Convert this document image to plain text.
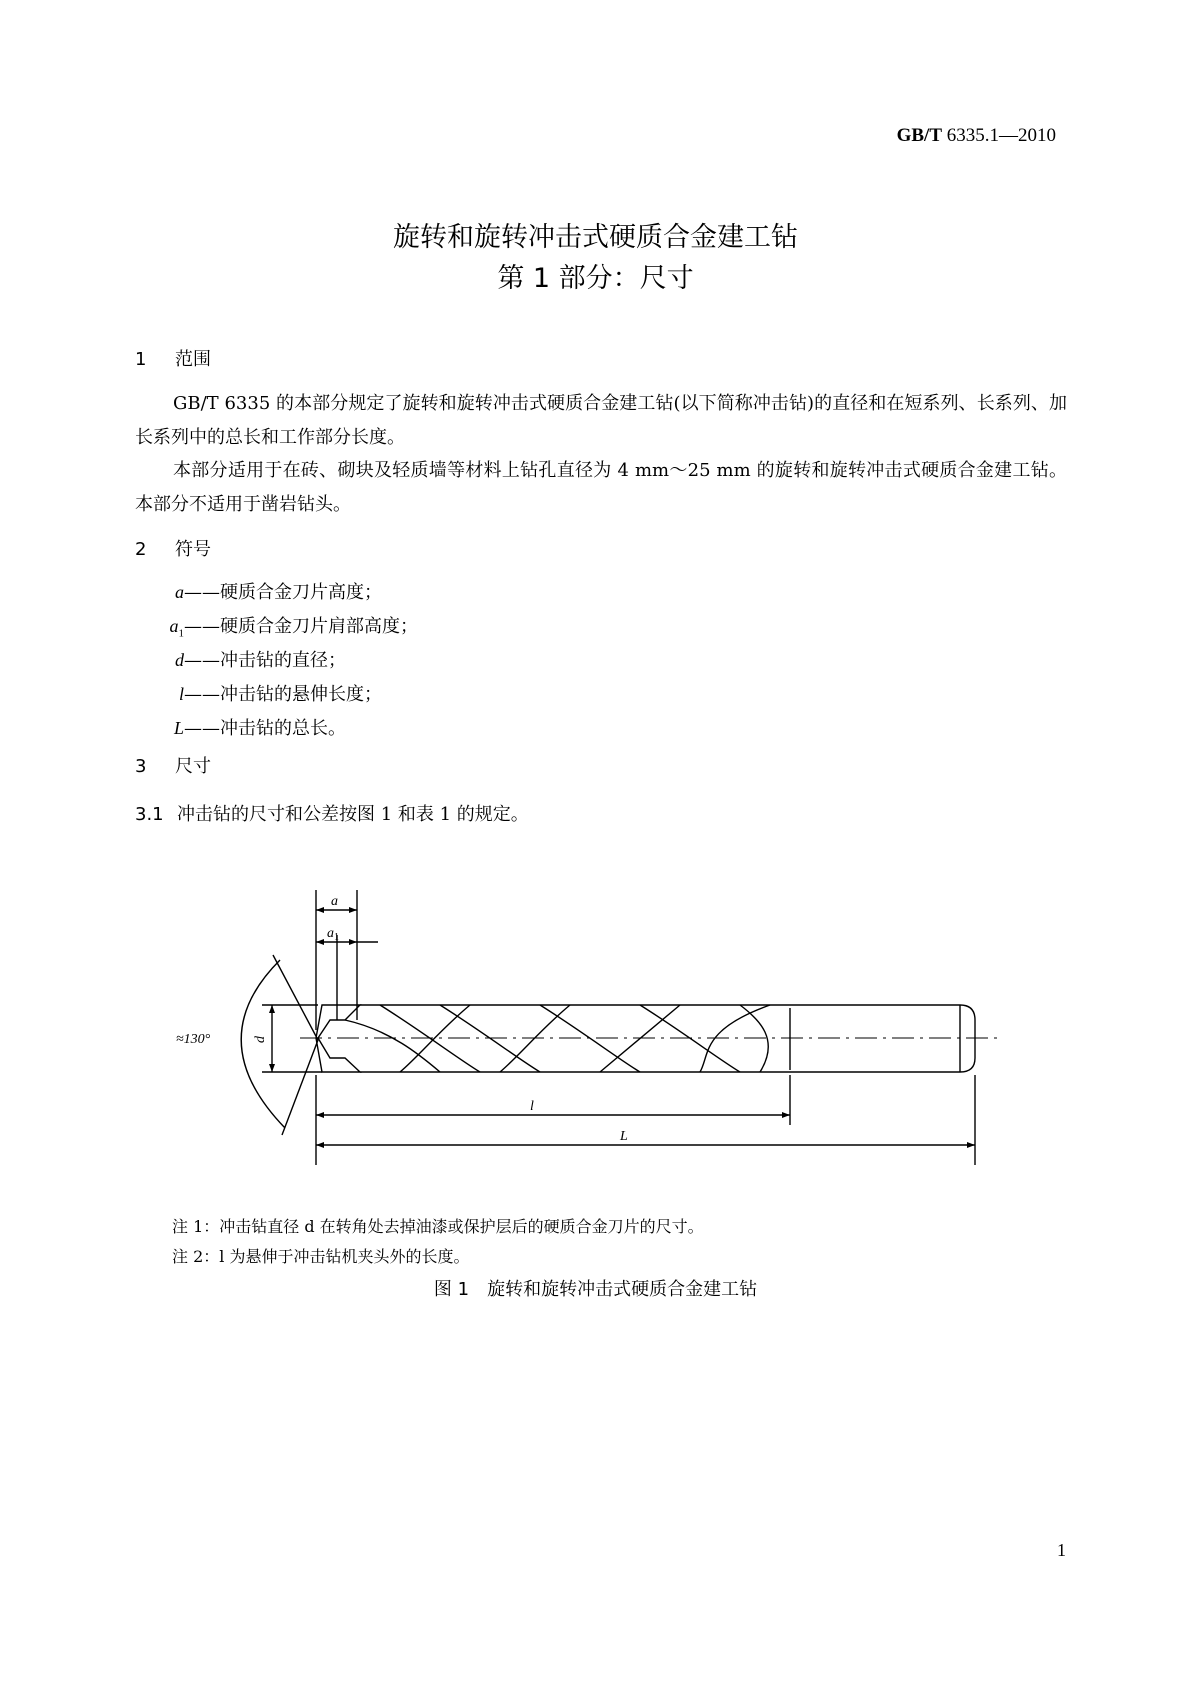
GB/T 6335.1—2010
旋转和旋转冲击式硬质合金建工钻
第 1 部分：尺寸
1 范围
GB/T 6335 的本部分规定了旋转和旋转冲击式硬质合金建工钻(以下简称冲击钻)的直径和在短系列、长系列、加长系列中的总长和工作部分长度。
本部分适用于在砖、砌块及轻质墙等材料上钻孔直径为 4 mm～25 mm 的旋转和旋转冲击式硬质合金建工钻。本部分不适用于凿岩钻头。
2 符号
a——硬质合金刀片高度；
$a_1——$硬质合金刀片肩部高度；
d——冲击钻的直径；
l——冲击钻的悬伸长度；
L——冲击钻的总长。
3 尺寸
3.1 冲击钻的尺寸和公差按图 1 和表 1 的规定。
a
$a_1$
≈130°	d
l
L
注 1：冲击钻直径 d 在转角处去掉油漆或保护层后的硬质合金刀片的尺寸。
注 2：l 为悬伸于冲击钻机夹头外的长度。
图 1　旋转和旋转冲击式硬质合金建工钻
1
